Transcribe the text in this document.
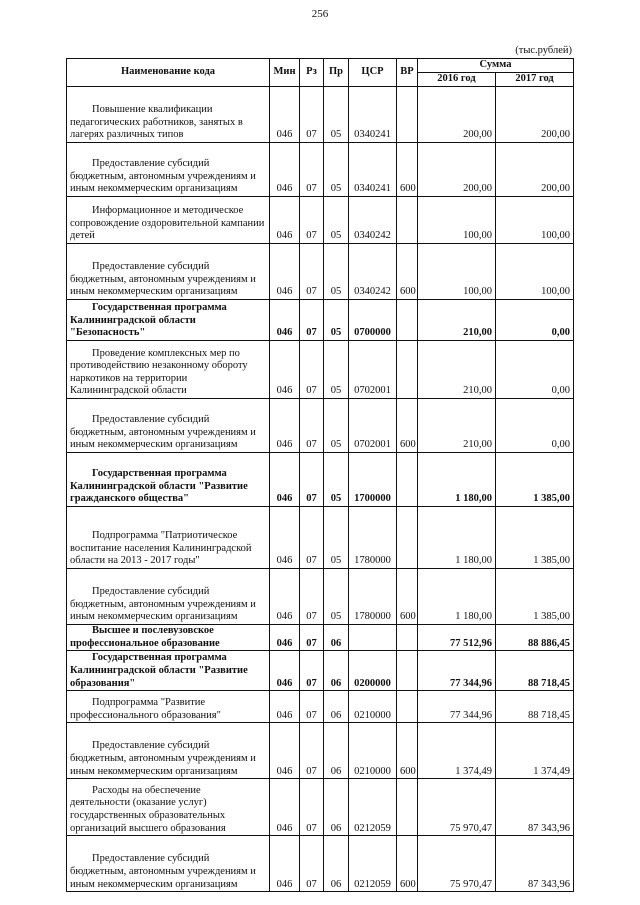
256
(тыс.рублей)
Наименование кода	Мин	Рз	Пр	ЦСР	ВР	Сумма	
						2016 год	2017 год
Повышение квалификации
педагогических работников, занятых в лагерях различных типов	046	07	05	0340241		200,00	200,00
Предоставление субсидий
бюджетным, автономным учреждениям и иным некоммерческим организациям	046	07	05	0340241	600	200,00	200,00
Информационное и методическое
сопровождение оздоровительной кампании детей	046	07	05	0340242		100,00	100,00
Предоставление субсидий
бюджетным, автономным учреждениям и иным некоммерческим организациям	046	07	05	0340242	600	100,00	100,00
Государственная программа
Калининградской области "Безопасность"	046	07	05	0700000		210,00	0,00
Проведение комплексных мер по
противодействию незаконному обороту наркотиков на территории Калининградской области	046	07	05	0702001		210,00	0,00
Предоставление субсидий
бюджетным, автономным учреждениям и иным некоммерческим организациям	046	07	05	0702001	600	210,00	0,00
Государственная программа
Калининградской области "Развитие гражданского общества"	046	07	05	1700000		1 180,00	1 385,00
Подпрограмма "Патриотическое
воспитание населения Калининградской области на 2013 - 2017 годы"	046	07	05	1780000		1 180,00	1 385,00
Предоставление субсидий
бюджетным, автономным учреждениям и иным некоммерческим организациям	046	07	05	1780000	600	1 180,00	1 385,00
Высшее и послевузовское
профессиональное образование	046	07	06			77 512,96	88 886,45
Государственная программа
Калининградской области "Развитие образования"	046	07	06	0200000		77 344,96	88 718,45
Подпрограмма "Развитие
профессионального образования"	046	07	06	0210000		77 344,96	88 718,45
Предоставление субсидий
бюджетным, автономным учреждениям и иным некоммерческим организациям	046	07	06	0210000	600	1 374,49	1 374,49
Расходы на обеспечение
деятельности (оказание услуг) государственных образовательных организаций высшего образования	046	07	06	0212059		75 970,47	87 343,96
Предоставление субсидий
бюджетным, автономным учреждениям и иным некоммерческим организациям	046	07	06	0212059	600	75 970,47	87 343,96
